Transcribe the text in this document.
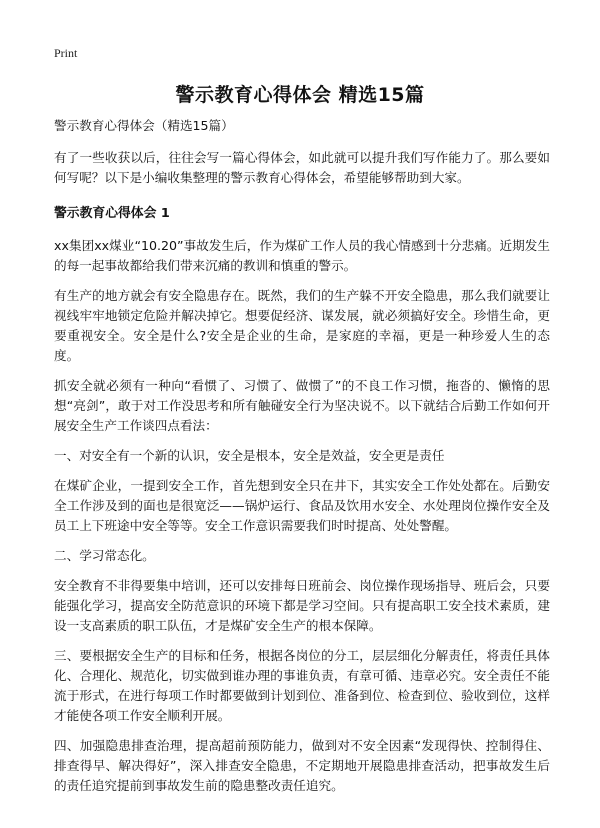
Print
警示教育心得体会 精选15篇

警示教育心得体会（精选15篇）

有了一些收获以后，往往会写一篇心得体会，如此就可以提升我们写作能力了。那么要如何写呢？以下是小编收集整理的警示教育心得体会，希望能够帮助到大家。

警示教育心得体会 1

xx集团xx煤业“10.20”事故发生后，作为煤矿工作人员的我心情感到十分悲痛。近期发生的每一起事故都给我们带来沉痛的教训和慎重的警示。

有生产的地方就会有安全隐患存在。既然，我们的生产躲不开安全隐患，那么我们就要让视线牢牢地锁定危险并解决掉它。想要促经济、谋发展，就必须搞好安全。珍惜生命，更要重视安全。安全是什么?安全是企业的生命，是家庭的幸福，更是一种珍爱人生的态度。

抓安全就必须有一种向“看惯了、习惯了、做惯了”的不良工作习惯，拖沓的、懒惰的思想“亮剑”，敢于对工作没思考和所有触碰安全行为坚决说不。以下就结合后勤工作如何开展安全生产工作谈四点看法：

一、对安全有一个新的认识，安全是根本，安全是效益，安全更是责任

在煤矿企业，一提到安全工作，首先想到安全只在井下，其实安全工作处处都在。后勤安全工作涉及到的面也是很宽泛——锅炉运行、食品及饮用水安全、水处理岗位操作安全及员工上下班途中安全等等。安全工作意识需要我们时时提高、处处警醒。

二、学习常态化。

安全教育不非得要集中培训，还可以安排每日班前会、岗位操作现场指导、班后会，只要能强化学习，提高安全防范意识的环境下都是学习空间。只有提高职工安全技术素质，建设一支高素质的职工队伍，才是煤矿安全生产的根本保障。

三、要根据安全生产的目标和任务，根据各岗位的分工，层层细化分解责任，将责任具体化、合理化、规范化，切实做到谁办理的事谁负责，有章可循、违章必究。安全责任不能流于形式，在进行每项工作时都要做到计划到位、准备到位、检查到位、验收到位，这样才能使各项工作安全顺利开展。

四、加强隐患排查治理，提高超前预防能力，做到对不安全因素“发现得快、控制得住、排查得早、解决得好”，深入排查安全隐患，不定期地开展隐患排查活动，把事故发生后的责任追究提前到事故发生前的隐患整改责任追究。
